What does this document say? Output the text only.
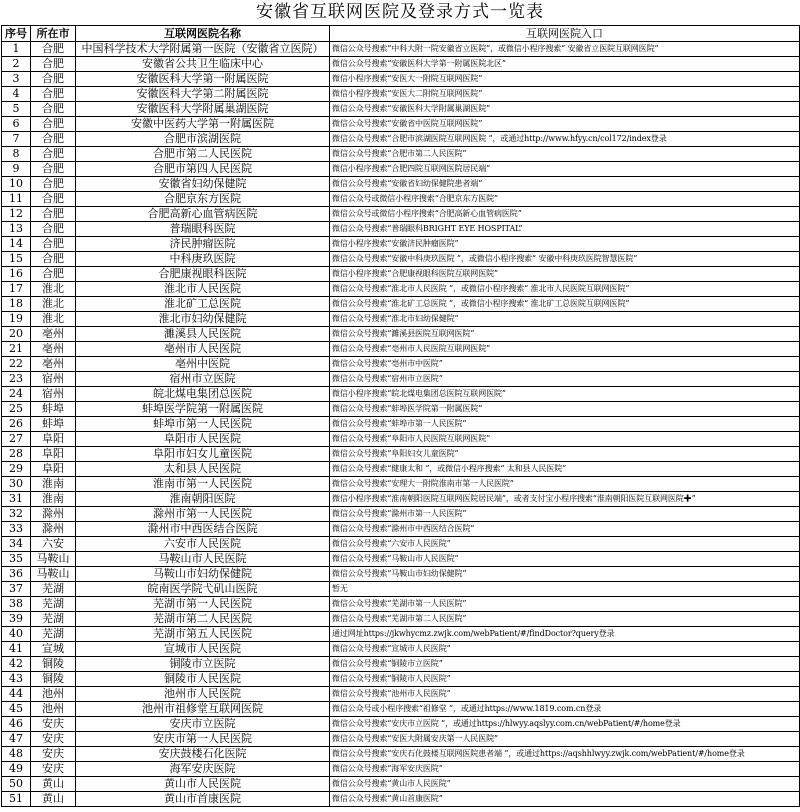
安徽省互联网医院及登录方式一览表
序号	所在市	互联网医院名称	互联网医院入口
1	合肥	中国科学技术大学附属第一医院（安徽省立医院）	微信公众号搜索“中科大附一院安徽省立医院”，或微信小程序搜索“ 安徽省立医院互联网医院”
2	合肥	安徽省公共卫生临床中心	微信公众号搜索“安徽医科大学第一附属医院北区”
3	合肥	安徽医科大学第一附属医院	微信小程序搜索“安医大一附院互联网医院”
4	合肥	安徽医科大学第二附属医院	微信小程序搜索“安医大二附院互联网医院”
5	合肥	安徽医科大学附属巢湖医院	微信公众号搜索“安徽医科大学附属巢湖医院”
6	合肥	安徽中医药大学第一附属医院	微信公众号搜索“安徽省中医院互联网医院”
7	合肥	合肥市滨湖医院	微信公众号搜索“合肥市滨湖医院互联网医院 ”，或通过http://www.hfyy.cn/col172/index登录
8	合肥	合肥市第二人民医院	微信公众号搜索“合肥市第二人民医院”
9	合肥	合肥市第四人民医院	微信小程序搜索“合肥四院互联网医院居民端”
10	合肥	安徽省妇幼保健院	微信公众号搜索“安徽省妇幼保健院患者端”
11	合肥	合肥京东方医院	微信公众号或微信小程序搜索“合肥京东方医院”
12	合肥	合肥高新心血管病医院	微信公众号或微信小程序搜索“合肥高新心血管病医院”
13	合肥	普瑞眼科医院	微信公众号搜索“普瑞眼科BRIGHT EYE HOSPITAL”
14	合肥	济民肿瘤医院	微信小程序搜索“安徽济民肿瘤医院”
15	合肥	中科庚玖医院	微信公众号搜索“安徽中科庚玖医院 ”，或微信小程序搜索“ 安徽中科庚玖医院智慧医院”
16	合肥	合肥康视眼科医院	微信小程序搜索“合肥康视眼科医院互联网医院”
17	淮北	淮北市人民医院	微信公众号搜索“淮北市人民医院 ”，或微信小程序搜索“ 淮北市人民医院互联网医院”
18	淮北	淮北矿工总医院	微信公众号搜索“淮北矿工总医院 ”，或微信小程序搜索“ 淮北矿工总医院互联网医院”
19	淮北	淮北市妇幼保健院	微信公众号搜索“淮北市妇幼保健院”
20	亳州	濉溪县人民医院	微信公众号搜索“濉溪县医院互联网医院”
21	亳州	亳州市人民医院	微信公众号搜索“亳州市人民医院互联网医院”
22	亳州	亳州中医院	微信公众号搜索“亳州市中医院”
23	宿州	宿州市立医院	微信公众号搜索“宿州市立医院”
24	宿州	皖北煤电集团总医院	微信小程序搜索“皖北煤电集团总医院互联网医院”
25	蚌埠	蚌埠医学院第一附属医院	微信公众号搜索“蚌埠医学院第一附属医院”
26	蚌埠	蚌埠市第一人民医院	微信公众号搜索“蚌埠市第一人民医院”
27	阜阳	阜阳市人民医院	微信公众号搜索“阜阳市人民医院互联网医院”
28	阜阳	阜阳市妇女儿童医院	微信公众号搜索“阜阳妇女儿童医院”
29	阜阳	太和县人民医院	微信公众号搜索“健康太和 ”，或微信小程序搜索“ 太和县人民医院”
30	淮南	淮南市第一人民医院	微信公众号搜索“安理大一附院淮南市第一人民医院”
31	淮南	淮南朝阳医院	微信小程序搜索“淮南朝阳医院互联网医院居民端”，或者支付宝小程序搜索“淮南朝阳医院互联网医院✚”
32	滁州	滁州市第一人民医院	微信公众号搜索“滁州市第一人民医院”
33	滁州	滁州市中西医结合医院	微信公众号搜索“滁州市中西医结合医院”
34	六安	六安市人民医院	微信公众号搜索“六安市人民医院”
35	马鞍山	马鞍山市人民医院	微信公众号搜索“马鞍山市人民医院”
36	马鞍山	马鞍山市妇幼保健院	微信公众号搜索“马鞍山市妇幼保健院”
37	芜湖	皖南医学院弋矶山医院	暂无
38	芜湖	芜湖市第一人民医院	微信公众号搜索“芜湖市第一人民医院”
39	芜湖	芜湖市第二人民医院	微信公众号搜索“芜湖市第二人民医院”
40	芜湖	芜湖市第五人民医院	通过网址https://jkwhycmz.zwjk.com/webPatient/#/findDoctor?query登录
41	宣城	宣城市人民医院	微信公众号搜索“宣城市人民医院”
42	铜陵	铜陵市立医院	微信公众号搜索“铜陵市立医院”
43	铜陵	铜陵市人民医院	微信公众号搜索“铜陵市人民医院”
44	池州	池州市人民医院	微信公众号搜索“池州市人民医院”
45	池州	池州市祖修堂互联网医院	微信公众号或小程序搜索“祖修堂 ”，或通过https://www.1819.com.cn登录
46	安庆	安庆市立医院	微信公众号搜索“安庆市立医院 ”，或通过https://hlwyy.aqslyy.com.cn/webPatient/#/home登录
47	安庆	安庆市第一人民医院	微信公众号搜索“安医大附属安庆第一人民医院”
48	安庆	安庆鼓楼石化医院	微信公众号搜索“安庆石化鼓楼互联网医院患者端 ”，或通过https://aqshhlwyy.zwjk.com/webPatient/#/home登录
49	安庆	海军安庆医院	微信公众号搜索“海军安庆医院”
50	黄山	黄山市人民医院	微信公众号搜索“黄山市人民医院”
51	黄山	黄山市首康医院	微信公众号搜索“黄山首康医院”
